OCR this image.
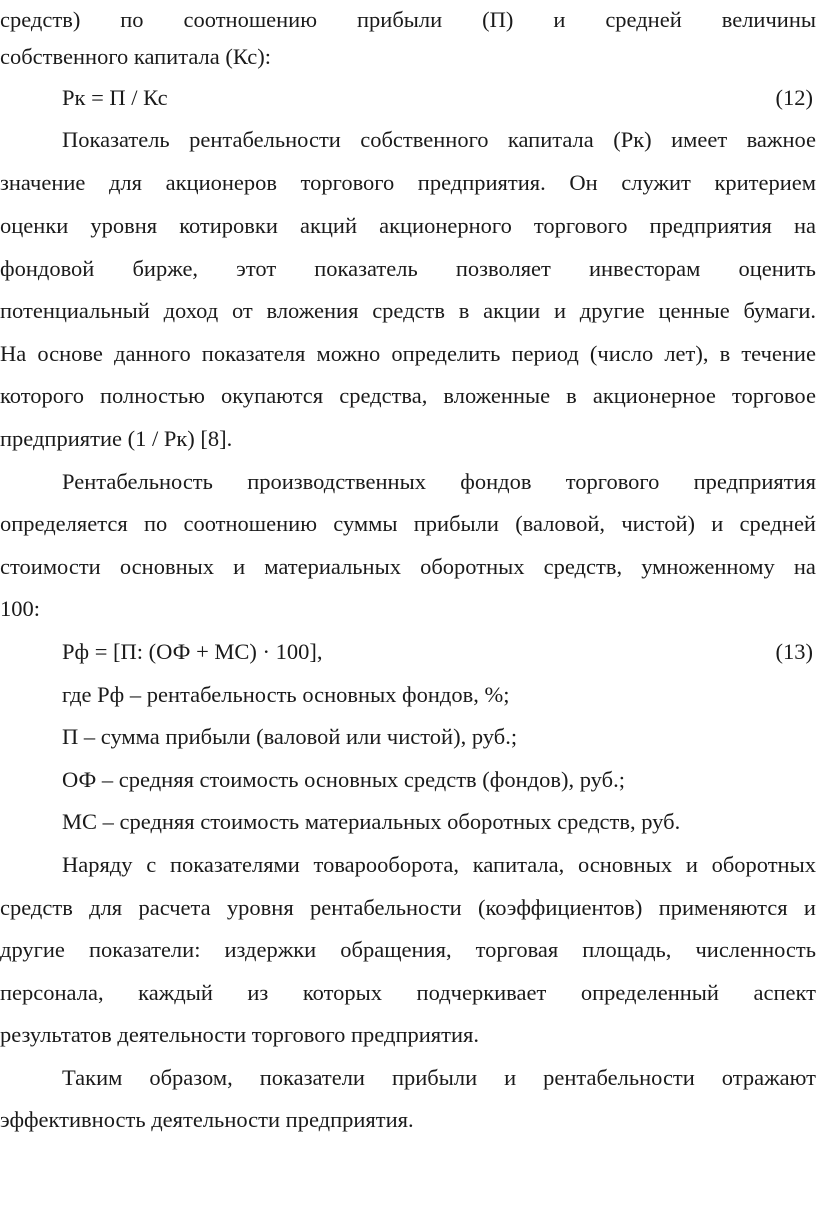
средств) по соотношению прибыли (П) и средней величины
собственного капитала (Кс):
Рк = П / Кс	(12)
Показатель рентабельности собственного капитала (Рк) имеет важное
значение для акционеров торгового предприятия. Он служит критерием
оценки уровня котировки акций акционерного торгового предприятия на
фондовой бирже, этот показатель позволяет инвесторам оценить
потенциальный доход от вложения средств в акции и другие ценные бумаги.
На основе данного показателя можно определить период (число лет), в течение
которого полностью окупаются средства, вложенные в акционерное торговое
предприятие (1 / Рк) [8].
Рентабельность производственных фондов торгового предприятия
определяется по соотношению суммы прибыли (валовой, чистой) и средней
стоимости основных и материальных оборотных средств, умноженному на
100:
Рф = [П: (ОФ + МС) · 100],	(13)
где Рф – рентабельность основных фондов, %;
П – сумма прибыли (валовой или чистой), руб.;
ОФ – средняя стоимость основных средств (фондов), руб.;
МС – средняя стоимость материальных оборотных средств, руб.
Наряду с показателями товарооборота, капитала, основных и оборотных
средств для расчета уровня рентабельности (коэффициентов) применяются и
другие показатели: издержки обращения, торговая площадь, численность
персонала, каждый из которых подчеркивает определенный аспект
результатов деятельности торгового предприятия.
Таким образом, показатели прибыли и рентабельности отражают
эффективность деятельности предприятия.
